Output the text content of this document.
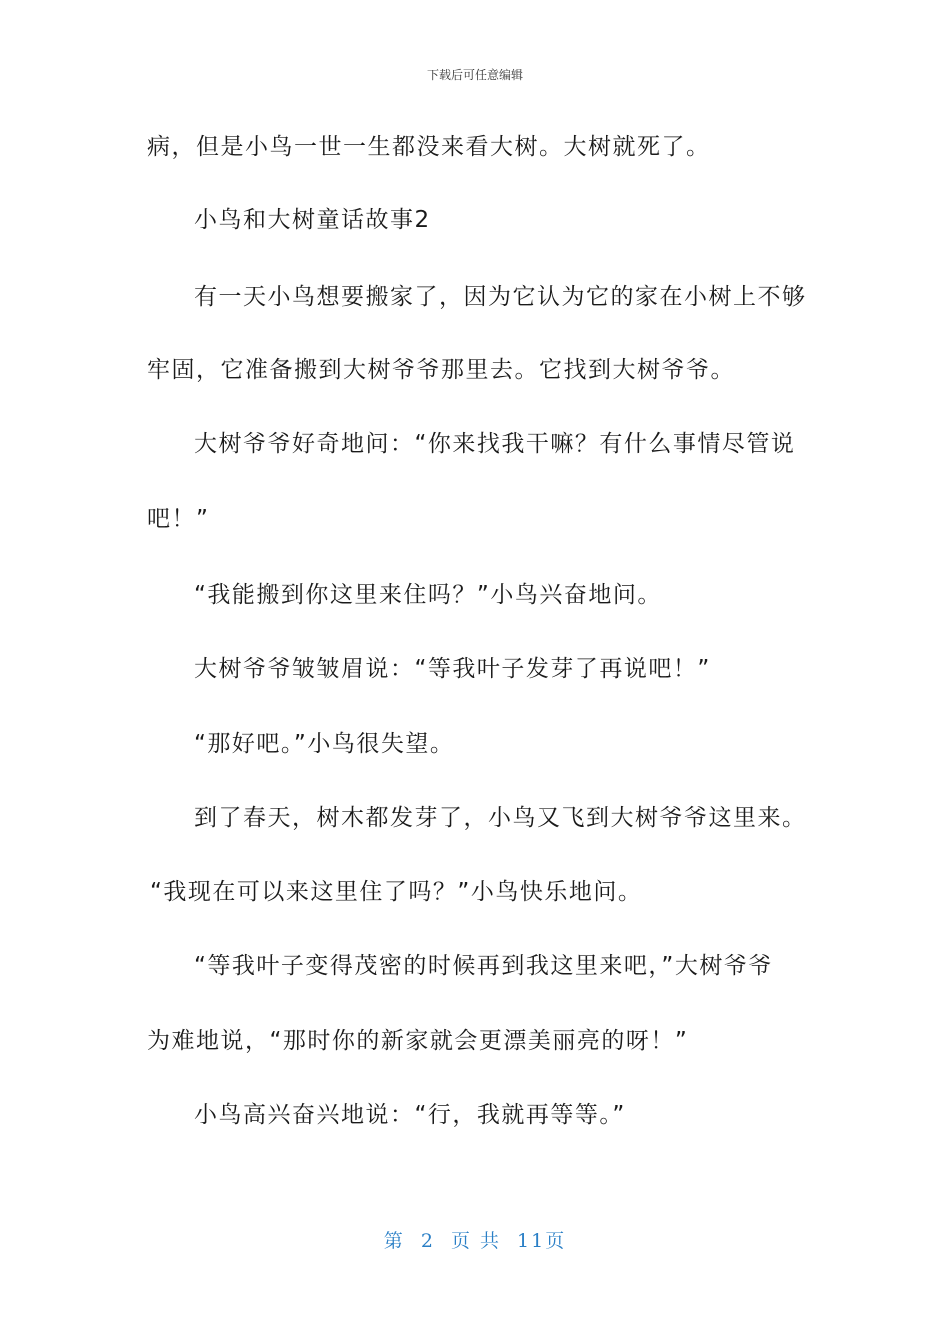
下载后可任意编辑
病，但是小鸟一世一生都没来看大树。大树就死了。
小鸟和大树童话故事2
有一天小鸟想要搬家了，因为它认为它的家在小树上不够
牢固，它准备搬到大树爷爷那里去。它找到大树爷爷。
大树爷爷好奇地问：“你来找我干嘛？有什么事情尽管说
吧！”
“我能搬到你这里来住吗？”小鸟兴奋地问。
大树爷爷皱皱眉说：“等我叶子发芽了再说吧！”
“那好吧。”小鸟很失望。
到了春天，树木都发芽了，小鸟又飞到大树爷爷这里来。
“我现在可以来这里住了吗？”小鸟快乐地问。
“等我叶子变得茂密的时候再到我这里来吧，”大树爷爷
为难地说，“那时你的新家就会更漂美丽亮的呀！”
小鸟高兴奋兴地说：“行，我就再等等。”
第 2 页 共 11页
